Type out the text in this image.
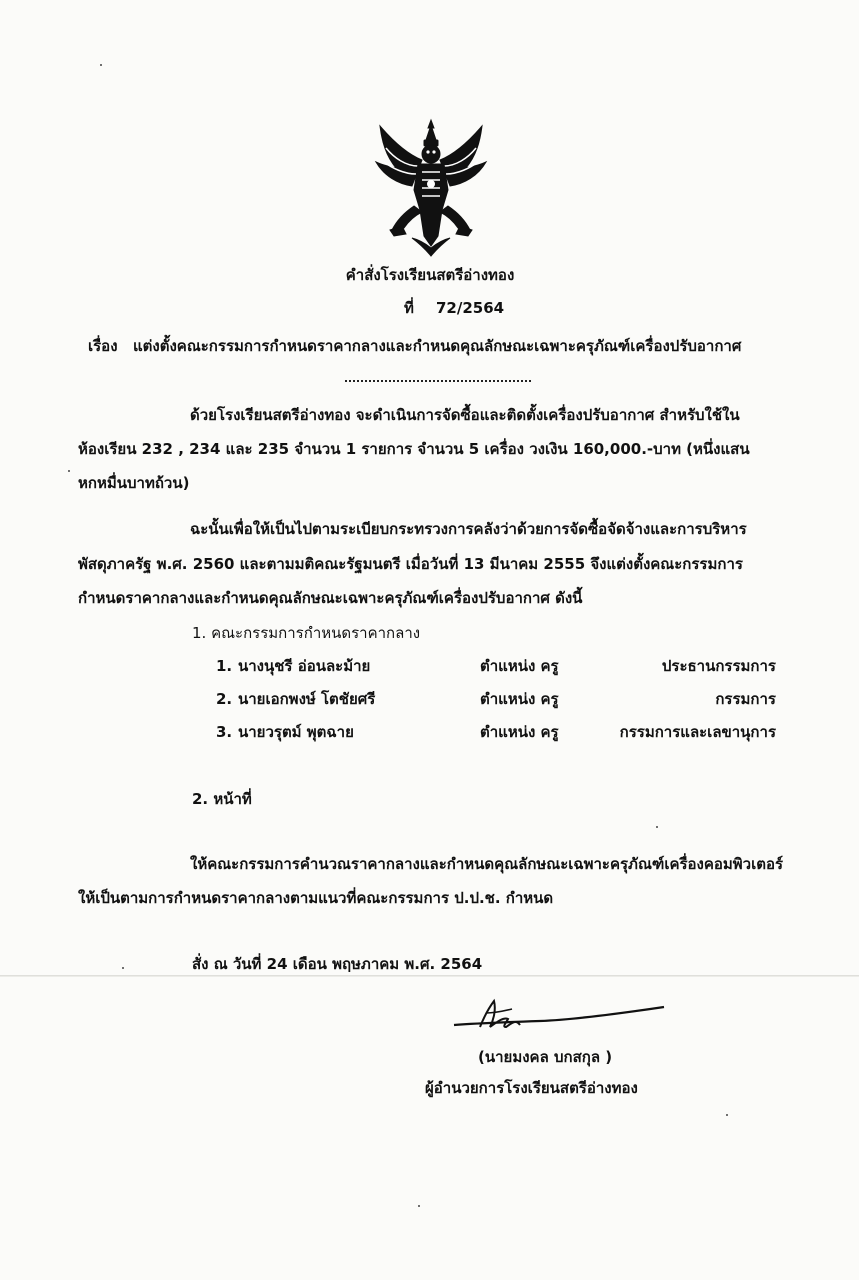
คำสั่งโรงเรียนสตรีอ่างทอง
ที่ 72/2564
เรื่อง แต่งตั้งคณะกรรมการกำหนดราคากลางและกำหนดคุณลักษณะเฉพาะครุภัณฑ์เครื่องปรับอากาศ
ด้วยโรงเรียนสตรีอ่างทอง จะดำเนินการจัดซื้อและติดตั้งเครื่องปรับอากาศ สำหรับใช้ใน
ห้องเรียน 232 , 234 และ 235 จำนวน 1 รายการ จำนวน 5 เครื่อง วงเงิน 160,000.-บาท (หนึ่งแสน
หกหมื่นบาทถ้วน)
ฉะนั้นเพื่อให้เป็นไปตามระเบียบกระทรวงการคลังว่าด้วยการจัดซื้อจัดจ้างและการบริหาร
พัสดุภาครัฐ พ.ศ. 2560 และตามมติคณะรัฐมนตรี เมื่อวันที่ 13 มีนาคม 2555 จึงแต่งตั้งคณะกรรมการ
กำหนดราคากลางและกำหนดคุณลักษณะเฉพาะครุภัณฑ์เครื่องปรับอากาศ ดังนี้
1. คณะกรรมการกำหนดราคากลาง
1. นางนุชรี อ่อนละม้าย	ตำแหน่ง ครู	ประธานกรรมการ
2. นายเอกพงษ์ โตชัยศรี	ตำแหน่ง ครู	กรรมการ
3. นายวรุตม์ พุตฉาย	ตำแหน่ง ครู	กรรมการและเลขานุการ
2. หน้าที่
ให้คณะกรรมการคำนวณราคากลางและกำหนดคุณลักษณะเฉพาะครุภัณฑ์เครื่องคอมพิวเตอร์
ให้เป็นตามการกำหนดราคากลางตามแนวที่คณะกรรมการ ป.ป.ช. กำหนด
สั่ง ณ วันที่ 24 เดือน พฤษภาคม พ.ศ. 2564
(นายมงคล บกสกุล )
ผู้อำนวยการโรงเรียนสตรีอ่างทอง
